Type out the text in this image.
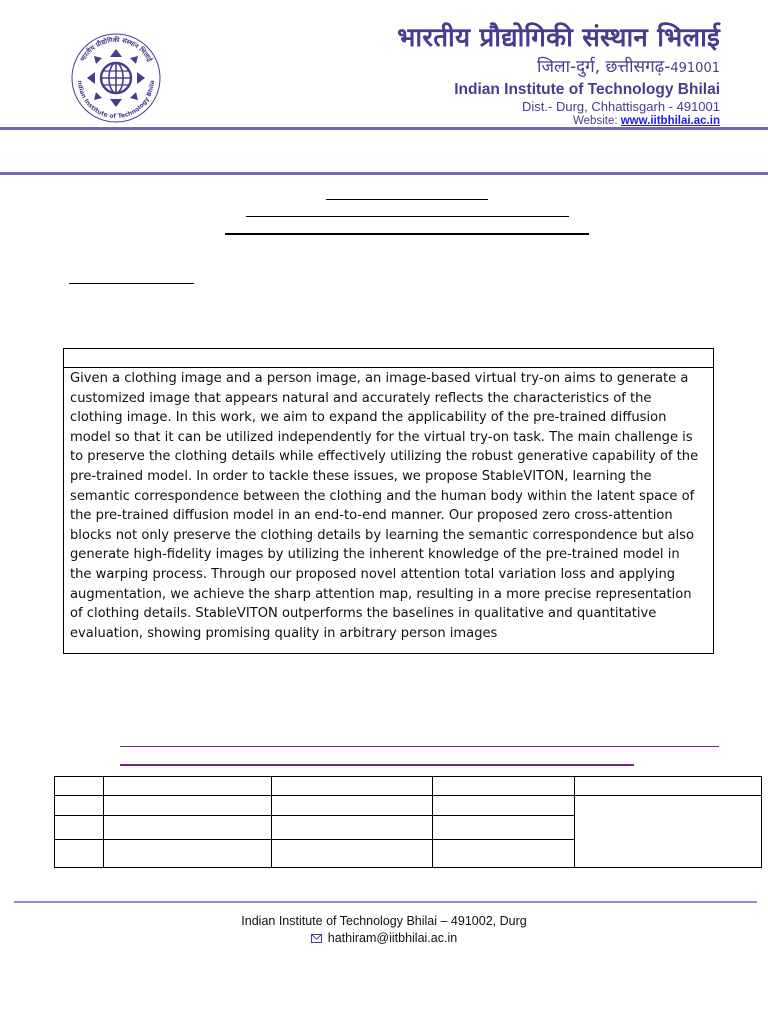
भारतीय प्रौद्योगिकी संस्थान भिलाई
ndian Institute of Technology Bhila
भारतीय प्रौद्योगिकी संस्थान भिलाई
जिला-दुर्ग, छत्तीसगढ़-491001
Indian Institute of Technology Bhilai
Dist.- Durg, Chhattisgarh - 491001
Website: www.iitbhilai.ac.in
Given a clothing image and a person image, an image-based virtual try-on aims to generate a customized image that appears natural and accurately reflects the characteristics of the clothing image. In this work, we aim to expand the applicability of the pre-trained diffusion model so that it can be utilized independently for the virtual try-on task. The main challenge is to preserve the clothing details while effectively utilizing the robust generative capability of the pre-trained model. In order to tackle these issues, we propose StableVITON, learning the semantic correspondence between the clothing and the human body within the latent space of the pre-trained diffusion model in an end-to-end manner. Our proposed zero cross-attention blocks not only preserve the clothing details by learning the semantic correspondence but also generate high-fidelity images by utilizing the inherent knowledge of the pre-trained model in the warping process. Through our proposed novel attention total variation loss and applying augmentation, we achieve the sharp attention map, resulting in a more precise representation of clothing details. StableVITON outperforms the baselines in qualitative and quantitative evaluation, showing promising quality in arbitrary person images

Indian Institute of Technology Bhilai – 491002, Durg
hathiram@iitbhilai.ac.in
